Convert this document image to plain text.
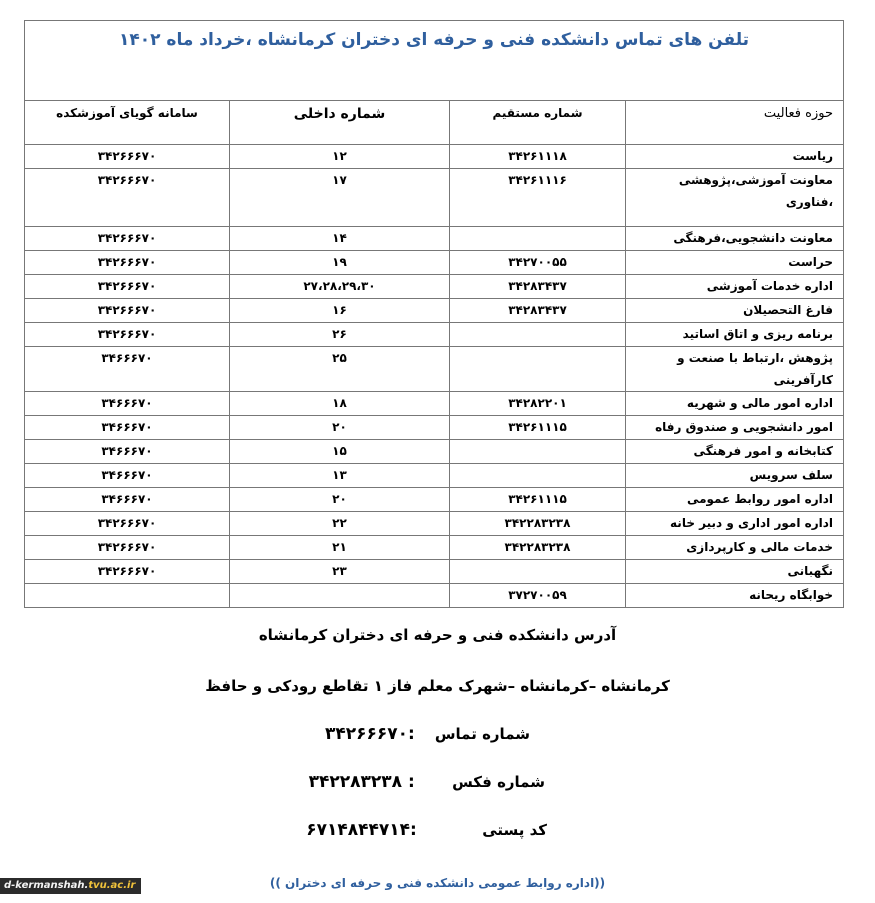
تلفن های تماس دانشکده فنی و حرفه ای دختران کرمانشاه ،خرداد ماه ۱۴۰۲			
حوزه فعالیت	شماره مستقیم	شماره داخلی	سامانه گویای آموزشکده
ریاست	۳۴۲۶۱۱۱۸	۱۲	۳۴۲۶۶۶۷۰
معاونت آموزشی،پژوهشی ،فناوری	۳۴۲۶۱۱۱۶	۱۷	۳۴۲۶۶۶۷۰
معاونت دانشجویی،فرهنگی		۱۴	۳۴۲۶۶۶۷۰
حراست	۳۴۲۷۰۰۵۵	۱۹	۳۴۲۶۶۶۷۰
اداره خدمات آموزشی	۳۴۲۸۳۴۳۷	۲۷،۲۸،۲۹،۳۰	۳۴۲۶۶۶۷۰
فارغ التحصیلان	۳۴۲۸۳۴۳۷	۱۶	۳۴۲۶۶۶۷۰
برنامه ریزی و اتاق اساتید		۲۶	۳۴۲۶۶۶۷۰
پژوهش ،ارتباط با صنعت و کارآفرینی		۲۵	۳۴۶۶۶۷۰
اداره امور مالی و شهریه	۳۴۲۸۲۲۰۱	۱۸	۳۴۶۶۶۷۰
امور دانشجویی و صندوق رفاه	۳۴۲۶۱۱۱۵	۲۰	۳۴۶۶۶۷۰
کتابخانه و امور فرهنگی		۱۵	۳۴۶۶۶۷۰
سلف سرویس		۱۳	۳۴۶۶۶۷۰
اداره امور روابط عمومی	۳۴۲۶۱۱۱۵	۲۰	۳۴۶۶۶۷۰
اداره امور اداری و دبیر خانه	۳۴۲۲۸۳۲۳۸	۲۲	۳۴۲۶۶۶۷۰
خدمات مالی و کارپردازی	۳۴۲۲۸۳۲۳۸	۲۱	۳۴۲۶۶۶۷۰
نگهبانی		۲۳	۳۴۲۶۶۶۷۰
خوابگاه ریحانه	۳۷۲۷۰۰۵۹		
آدرس دانشکده فنی و حرفه ای دختران کرمانشاه
کرمانشاه –کرمانشاه –شهرک معلم فاز ۱ تقاطع رودکی و حافظ
شماره تماس :۳۴۲۶۶۶۷۰
شماره فکس : ۳۴۲۲۸۳۲۳۸
کد پستی :۶۷۱۴۸۴۴۷۱۴
((اداره روابط عمومی دانشکده فنی و حرفه ای دختران ))
d-kermanshah.tvu.ac.ir
